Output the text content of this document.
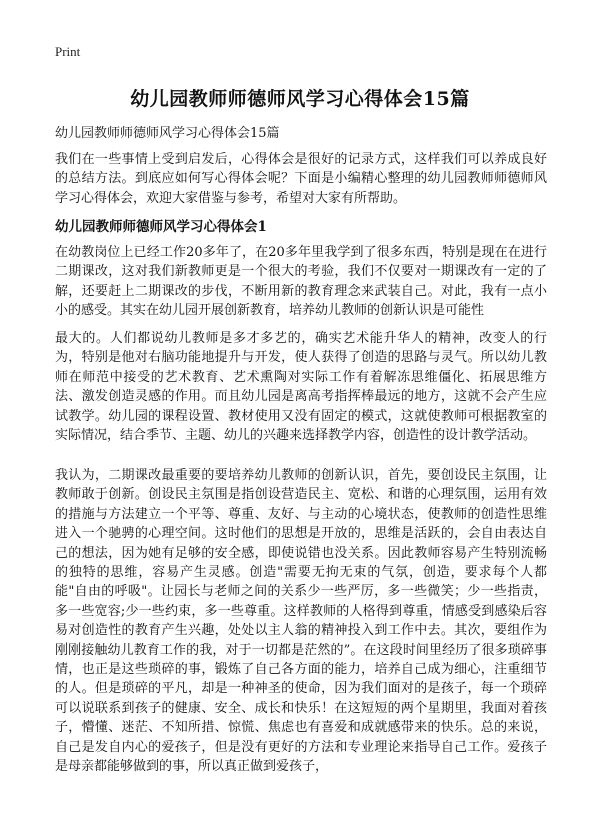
Print
幼儿园教师师德师风学习心得体会15篇
幼儿园教师师德师风学习心得体会15篇

我们在一些事情上受到启发后，心得体会是很好的记录方式，这样我们可以养成良好的总结方法。到底应如何写心得体会呢？下面是小编精心整理的幼儿园教师师德师风学习心得体会，欢迎大家借鉴与参考，希望对大家有所帮助。

幼儿园教师师德师风学习心得体会1

在幼教岗位上已经工作20多年了，在20多年里我学到了很多东西，特别是现在在进行二期课改，这对我们新教师更是一个很大的考验，我们不仅要对一期课改有一定的了解，还要赶上二期课改的步伐，不断用新的教育理念来武装自己。对此，我有一点小小的感受。其实在幼儿园开展创新教育，培养幼儿教师的创新认识是可能性

最大的。人们都说幼儿教师是多才多艺的，确实艺术能升华人的精神，改变人的行为，特别是他对右脑功能地提升与开发，使人获得了创造的思路与灵气。所以幼儿教师在师范中接受的艺术教育、艺术熏陶对实际工作有着解冻思维僵化、拓展思维方法、激发创造灵感的作用。而且幼儿园是离高考指挥棒最远的地方，这就不会产生应试教学。幼儿园的课程设置、教材使用又没有固定的模式，这就使教师可根据教室的实际情况，结合季节、主题、幼儿的兴趣来选择教学内容，创造性的设计教学活动。

我认为，二期课改最重要的要培养幼儿教师的创新认识，首先，要创设民主氛围，让教师敢于创新。创设民主氛围是指创设营造民主、宽松、和谐的心理氛围，运用有效的措施与方法建立一个平等、尊重、友好、与主动的心境状态，使教师的创造性思维进入一个驰骋的心理空间。这时他们的思想是开放的，思维是活跃的，会自由表达自己的想法，因为她有足够的安全感，即使说错也没关系。因此教师容易产生特别流畅的独特的思维，容易产生灵感。创造"需要无拘无束的气氛，创造，要求每个人都能"自由的呼吸"。让园长与老师之间的关系少一些严厉，多一些微笑；少一些指责，多一些宽容;少一些约束，多一些尊重。这样教师的人格得到尊重，情感受到感染后容易对创造性的教育产生兴趣，处处以主人翁的精神投入到工作中去。其次，要组作为刚刚接触幼儿教育工作的我，对于一切都是茫然的”。在这段时间里经历了很多琐碎事情，也正是这些琐碎的事，锻炼了自己各方面的能力，培养自己成为细心，注重细节的人。但是琐碎的平凡，却是一种神圣的使命，因为我们面对的是孩子，每一个琐碎可以说联系到孩子的健康、安全、成长和快乐！在这短短的两个星期里，我面对着孩子，懵懂、迷茫、不知所措、惊慌、焦虑也有喜爱和成就感带来的快乐。总的来说，自己是发自内心的爱孩子，但是没有更好的方法和专业理论来指导自己工作。爱孩子是母亲都能够做到的事，所以真正做到爱孩子，
